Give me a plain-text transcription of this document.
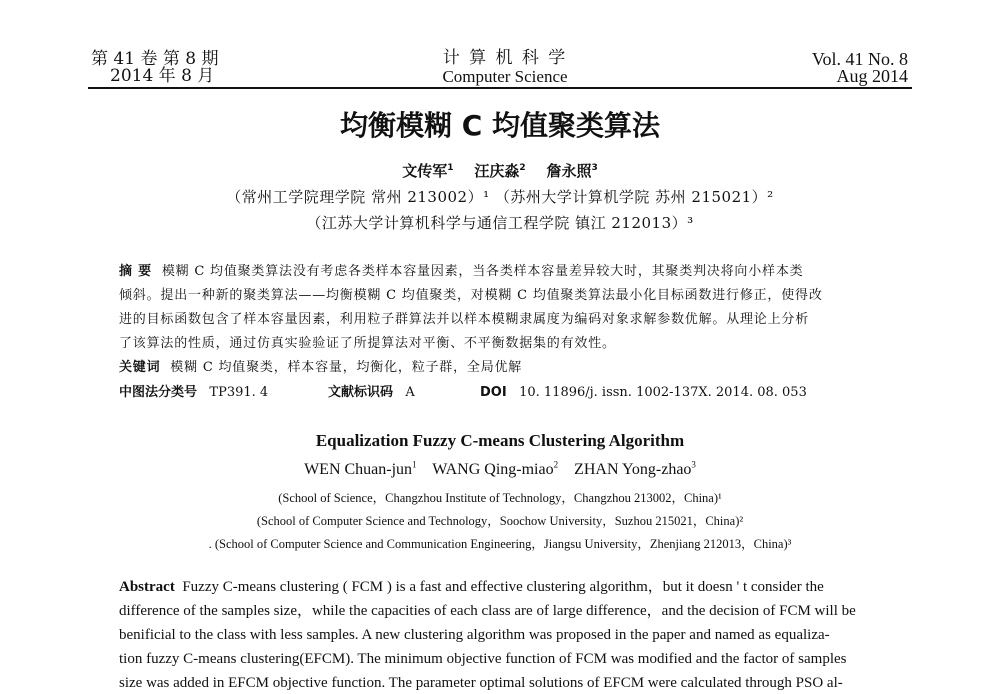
第 41 卷 第 8 期
2014 年 8 月
计 算 机 科 学
Computer Science
Vol. 41 No. 8
Aug 2014
均衡模糊 C 均值聚类算法
文传军$^1$ 汪庆淼$^2$ 詹永照$^3$
（常州工学院理学院 常州 213002）¹ （苏州大学计算机学院 苏州 215021）²
（江苏大学计算机科学与通信工程学院 镇江 212013）³
摘 要 模糊 C 均值聚类算法没有考虑各类样本容量因素，当各类样本容量差异较大时，其聚类判决将向小样本类
倾斜。提出一种新的聚类算法——均衡模糊 C 均值聚类，对模糊 C 均值聚类算法最小化目标函数进行修正，使得改
进的目标函数包含了样本容量因素，利用粒子群算法并以样本模糊隶属度为编码对象求解参数优解。从理论上分析
了该算法的性质，通过仿真实验验证了所提算法对平衡、不平衡数据集的有效性。
关键词 模糊 C 均值聚类，样本容量，均衡化，粒子群，全局优解
中图法分类号 TP391. 4	文献标识码 A	DOI 10. 11896/j. issn. 1002-137X. 2014. 08. 053
Equalization Fuzzy C-means Clustering Algorithm
WEN Chuan-jun$^1$ WANG Qing-miao$^2$ ZHAN Yong-zhao$^3$
(School of Science，Changzhou Institute of Technology，Changzhou 213002，China)¹
(School of Computer Science and Technology，Soochow University，Suzhou 215021，China)²
. (School of Computer Science and Communication Engineering，Jiangsu University，Zhenjiang 212013，China)³
Abstract Fuzzy C-means clustering ( FCM ) is a fast and effective clustering algorithm，but it doesn ' t consider the
difference of the samples size，while the capacities of each class are of large difference，and the decision of FCM will be
benificial to the class with less samples. A new clustering algorithm was proposed in the paper and named as equaliza-
tion fuzzy C-means clustering(EFCM). The minimum objective function of FCM was modified and the factor of samples
size was added in EFCM objective function. The parameter optimal solutions of EFCM were calculated through PSO al-
